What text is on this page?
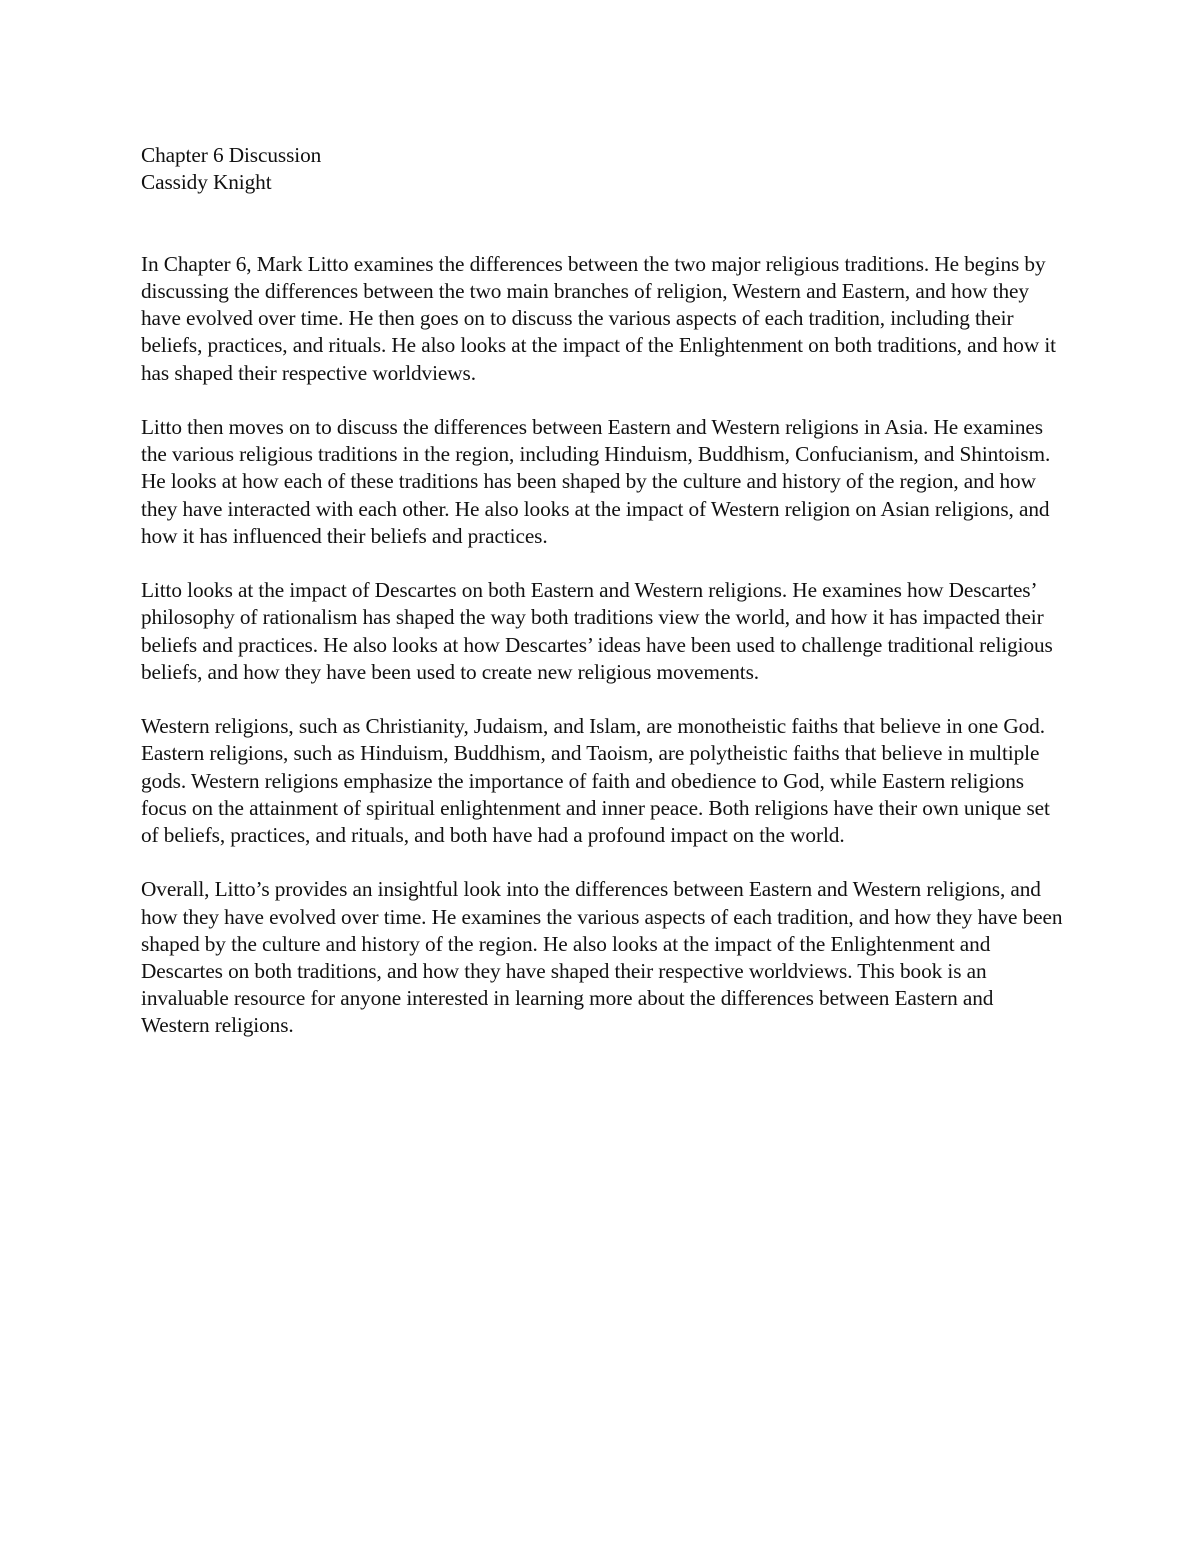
Chapter 6 Discussion
Cassidy Knight

In Chapter 6, Mark Litto examines the differences between the two major religious traditions. He begins by discussing the differences between the two main branches of religion, Western and Eastern, and how they have evolved over time. He then goes on to discuss the various aspects of each tradition, including their beliefs, practices, and rituals. He also looks at the impact of the Enlightenment on both traditions, and how it has shaped their respective worldviews.

Litto then moves on to discuss the differences between Eastern and Western religions in Asia. He examines the various religious traditions in the region, including Hinduism, Buddhism, Confucianism, and Shintoism. He looks at how each of these traditions has been shaped by the culture and history of the region, and how they have interacted with each other. He also looks at the impact of Western religion on Asian religions, and how it has influenced their beliefs and practices.

Litto looks at the impact of Descartes on both Eastern and Western religions. He examines how Descartes’ philosophy of rationalism has shaped the way both traditions view the world, and how it has impacted their beliefs and practices. He also looks at how Descartes’ ideas have been used to challenge traditional religious beliefs, and how they have been used to create new religious movements.

Western religions, such as Christianity, Judaism, and Islam, are monotheistic faiths that believe in one God. Eastern religions, such as Hinduism, Buddhism, and Taoism, are polytheistic faiths that believe in multiple gods. Western religions emphasize the importance of faith and obedience to God, while Eastern religions focus on the attainment of spiritual enlightenment and inner peace. Both religions have their own unique set of beliefs, practices, and rituals, and both have had a profound impact on the world.

Overall, Litto’s provides an insightful look into the differences between Eastern and Western religions, and how they have evolved over time. He examines the various aspects of each tradition, and how they have been shaped by the culture and history of the region. He also looks at the impact of the Enlightenment and Descartes on both traditions, and how they have shaped their respective worldviews. This book is an invaluable resource for anyone interested in learning more about the differences between Eastern and Western religions.
